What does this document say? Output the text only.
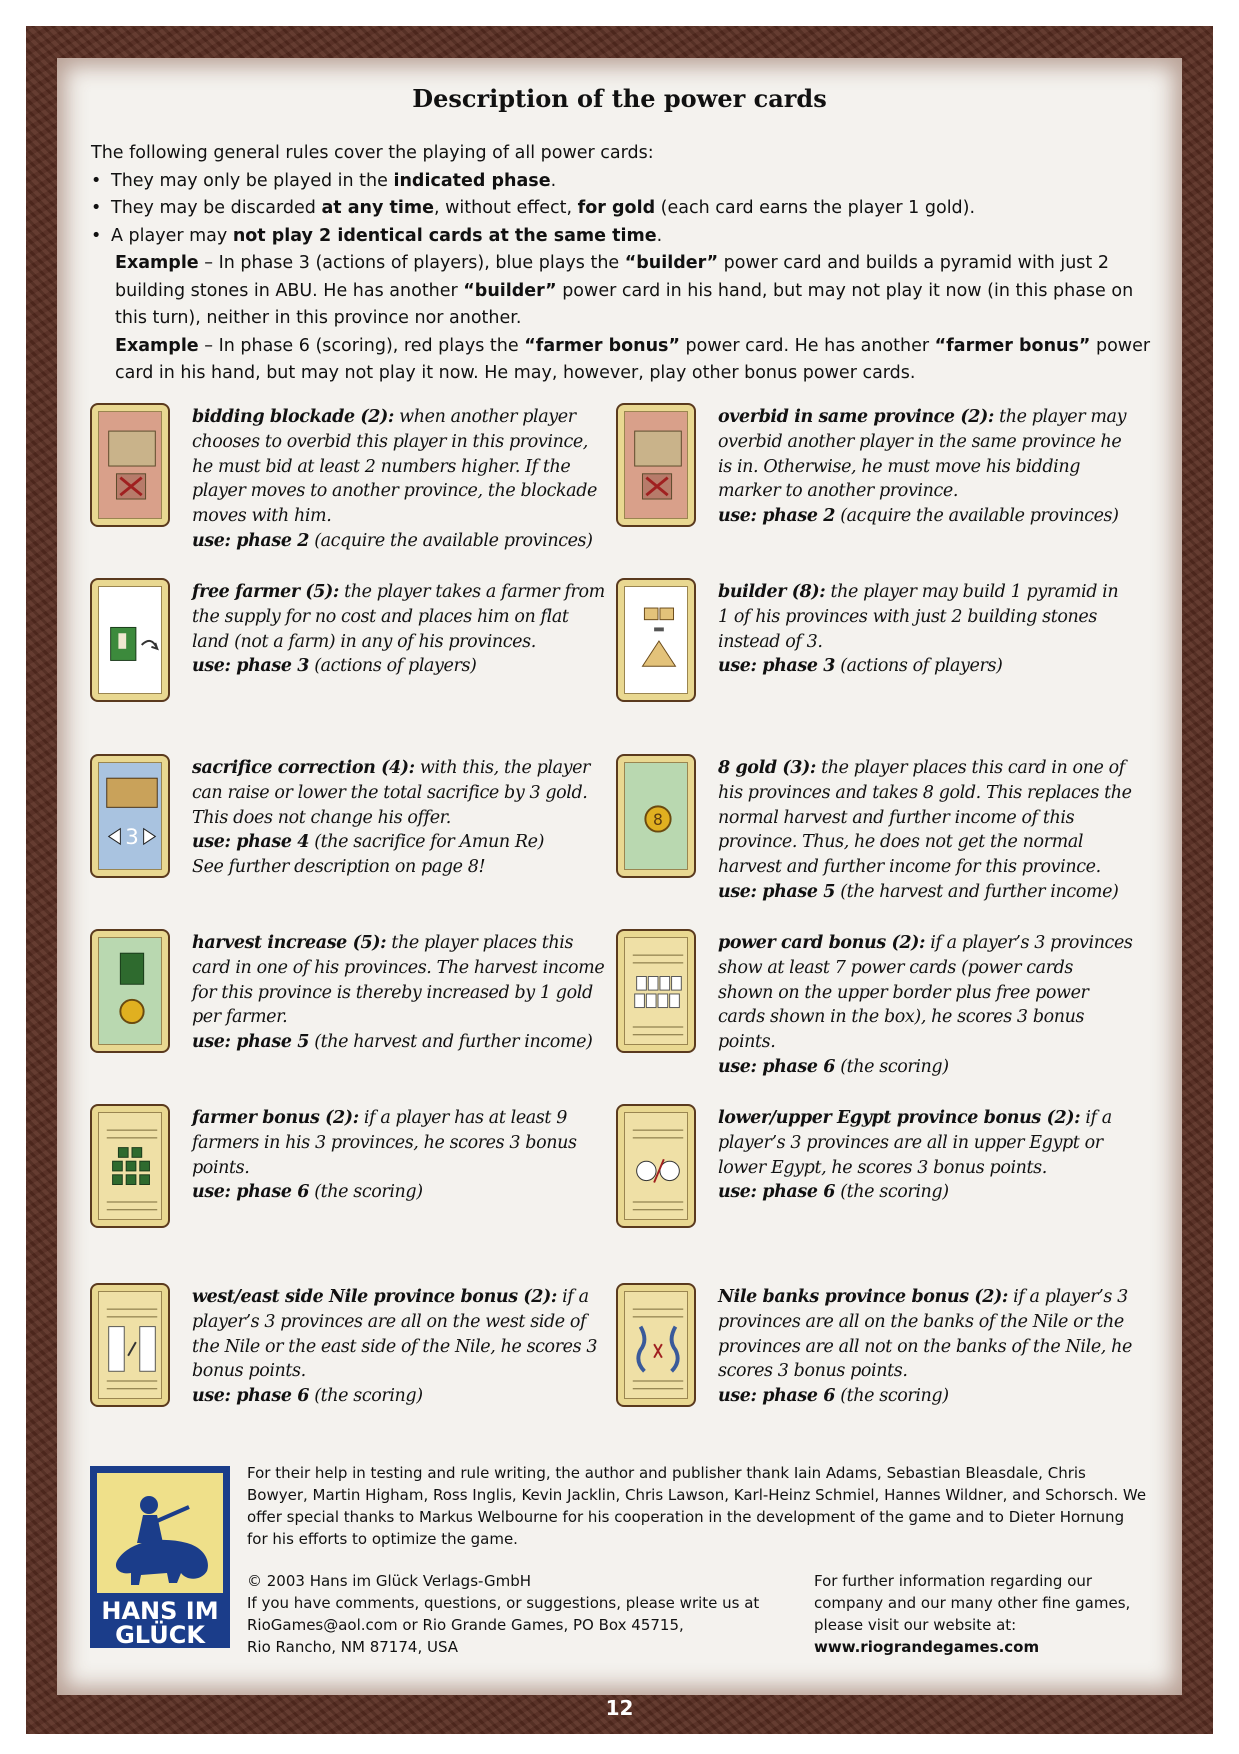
Description of the power cards

The following general rules cover the playing of all power cards:

• They may only be played in the indicated phase.
• They may be discarded at any time, without effect, for gold (each card earns the player 1 gold).
• A player may not play 2 identical cards at the same time.

Example – In phase 3 (actions of players), blue plays the “builder” power card and builds a pyramid with just 2 building stones in ABU. He has another “builder” power card in his hand, but may not play it now (in this phase on this turn), neither in this province nor another.

Example – In phase 6 (scoring), red plays the “farmer bonus” power card. He has another “farmer bonus” power card in his hand, but may not play it now. He may, however, play other bonus power cards.

bidding blockade (2): when another player chooses to overbid this player in this province, he must bid at least 2 numbers higher. If the player moves to another province, the blockade moves with him.
use: phase 2 (acquire the available provinces)
overbid in same province (2): the player may overbid another player in the same province he is in. Otherwise, he must move his bidding marker to another province.
use: phase 2 (acquire the available provinces)
free farmer (5): the player takes a farmer from the supply for no cost and places him on flat land (not a farm) in any of his provinces.
use: phase 3 (actions of players)
builder (8): the player may build 1 pyramid in 1 of his provinces with just 2 building stones instead of 3.
use: phase 3 (actions of players)
3
sacrifice correction (4): with this, the player can raise or lower the total sacrifice by 3 gold. This does not change his offer.
use: phase 4 (the sacrifice for Amun Re)
See further description on page 8!
8
8 gold (3): the player places this card in one of his provinces and takes 8 gold. This replaces the normal harvest and further income of this province. Thus, he does not get the normal harvest and further income for this province.
use: phase 5 (the harvest and further income)
harvest increase (5): the player places this card in one of his provinces. The harvest income for this province is thereby increased by 1 gold per farmer.
use: phase 5 (the harvest and further income)
power card bonus (2): if a player’s 3 provinces show at least 7 power cards (power cards shown on the upper border plus free power cards shown in the box), he scores 3 bonus points.
use: phase 6 (the scoring)
farmer bonus (2): if a player has at least 9 farmers in his 3 provinces, he scores 3 bonus points.
use: phase 6 (the scoring)
lower/upper Egypt province bonus (2): if a player’s 3 provinces are all in upper Egypt or lower Egypt, he scores 3 bonus points.
use: phase 6 (the scoring)
west/east side Nile province bonus (2): if a player’s 3 provinces are all on the west side of the Nile or the east side of the Nile, he scores 3 bonus points.
use: phase 6 (the scoring)
Nile banks province bonus (2): if a player’s 3 provinces are all on the banks of the Nile or the provinces are all not on the banks of the Nile, he scores 3 bonus points.
use: phase 6 (the scoring)
HANS IM
GLÜCK

For their help in testing and rule writing, the author and publisher thank Iain Adams, Sebastian Bleasdale, Chris Bowyer, Martin Higham, Ross Inglis, Kevin Jacklin, Chris Lawson, Karl-Heinz Schmiel, Hannes Wildner, and Schorsch. We offer special thanks to Markus Welbourne for his cooperation in the development of the game and to Dieter Hornung for his efforts to optimize the game.

© 2003 Hans im Glück Verlags-GmbH
If you have comments, questions, or suggestions, please write us at
RioGames@aol.com or Rio Grande Games, PO Box 45715,
Rio Rancho, NM 87174, USA
For further information regarding our
company and our many other fine games,
please visit our website at:
www.riograndegames.com
12
